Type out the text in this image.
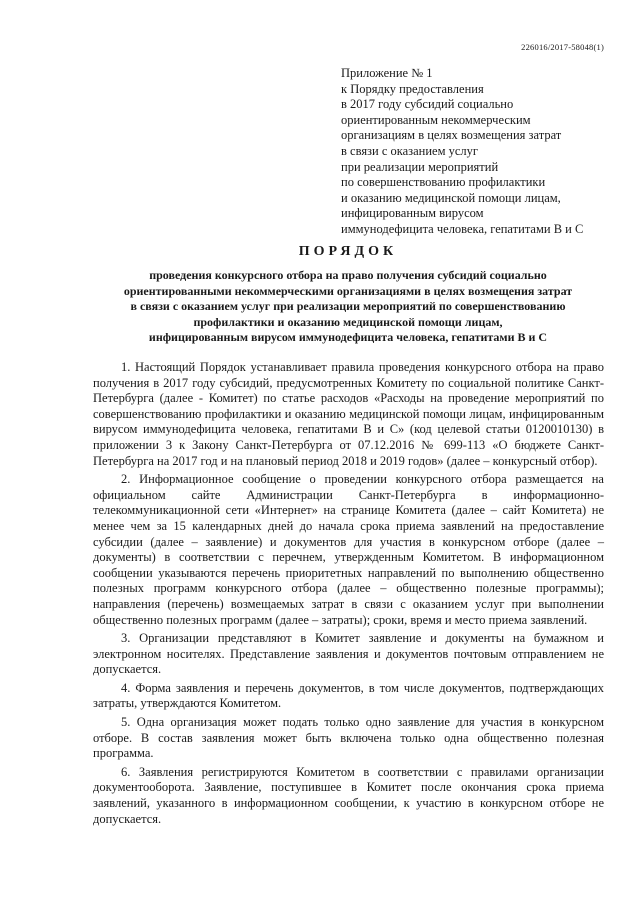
226016/2017-58048(1)
Приложение № 1
к Порядку предоставления
в 2017 году субсидий социально
ориентированным некоммерческим
организациям в целях возмещения затрат
в связи с оказанием услуг
при реализации мероприятий
по совершенствованию профилактики
и оказанию медицинской помощи лицам,
инфицированным вирусом
иммунодефицита человека, гепатитами В и С
ПОРЯДОК
проведения конкурсного отбора на право получения субсидий социально
ориентированными некоммерческими организациями в целях возмещения затрат
в связи с оказанием услуг при реализации мероприятий по совершенствованию
профилактики и оказанию медицинской помощи лицам,
инфицированным вирусом иммунодефицита человека, гепатитами В и С

1. Настоящий Порядок устанавливает правила проведения конкурсного отбора на право получения в 2017 году субсидий, предусмотренных Комитету по социальной политике Санкт-Петербурга (далее - Комитет) по статье расходов «Расходы на проведение мероприятий по совершенствованию профилактики и оказанию медицинской помощи лицам, инфицированным вирусом иммунодефицита человека, гепатитами В и С» (код целевой статьи 0120010130) в приложении 3 к Закону Санкт-Петербурга от 07.12.2016 № 699-113 «О бюджете Санкт-Петербурга на 2017 год и на плановый период 2018 и 2019 годов» (далее – конкурсный отбор).

2. Информационное сообщение о проведении конкурсного отбора размещается на официальном сайте Администрации Санкт-Петербурга в информационно-телекоммуникационной сети «Интернет» на странице Комитета (далее – сайт Комитета) не менее чем за 15 календарных дней до начала срока приема заявлений на предоставление субсидии (далее – заявление) и документов для участия в конкурсном отборе (далее – документы) в соответствии с перечнем, утвержденным Комитетом. В информационном сообщении указываются перечень приоритетных направлений по выполнению общественно полезных программ конкурсного отбора (далее – общественно полезные программы); направления (перечень) возмещаемых затрат в связи с оказанием услуг при выполнении общественно полезных программ (далее – затраты); сроки, время и место приема заявлений.

3. Организации представляют в Комитет заявление и документы на бумажном и электронном носителях. Представление заявления и документов почтовым отправлением не допускается.

4. Форма заявления и перечень документов, в том числе документов, подтверждающих затраты, утверждаются Комитетом.

5. Одна организация может подать только одно заявление для участия в конкурсном отборе. В состав заявления может быть включена только одна общественно полезная программа.

6. Заявления регистрируются Комитетом в соответствии с правилами организации документооборота. Заявление, поступившее в Комитет после окончания срока приема заявлений, указанного в информационном сообщении, к участию в конкурсном отборе не допускается.
